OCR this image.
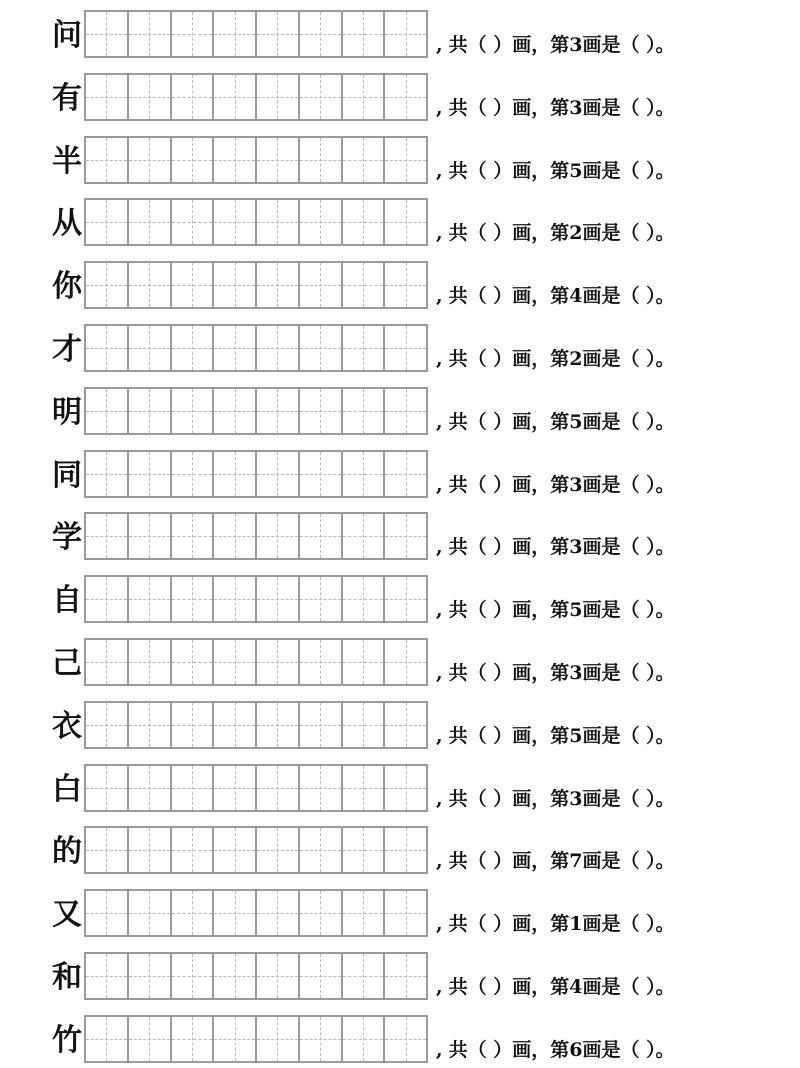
问	, 共（ ）画，第3画是（ ）。
有	, 共（ ）画，第3画是（ ）。
半	, 共（ ）画，第5画是（ ）。
从	, 共（ ）画，第2画是（ ）。
你	, 共（ ）画，第4画是（ ）。
才	, 共（ ）画，第2画是（ ）。
明	, 共（ ）画，第5画是（ ）。
同	, 共（ ）画，第3画是（ ）。
学	, 共（ ）画，第3画是（ ）。
自	, 共（ ）画，第5画是（ ）。
己	, 共（ ）画，第3画是（ ）。
衣	, 共（ ）画，第5画是（ ）。
白	, 共（ ）画，第3画是（ ）。
的	, 共（ ）画，第7画是（ ）。
又	, 共（ ）画，第1画是（ ）。
和	, 共（ ）画，第4画是（ ）。
竹	, 共（ ）画，第6画是（ ）。
